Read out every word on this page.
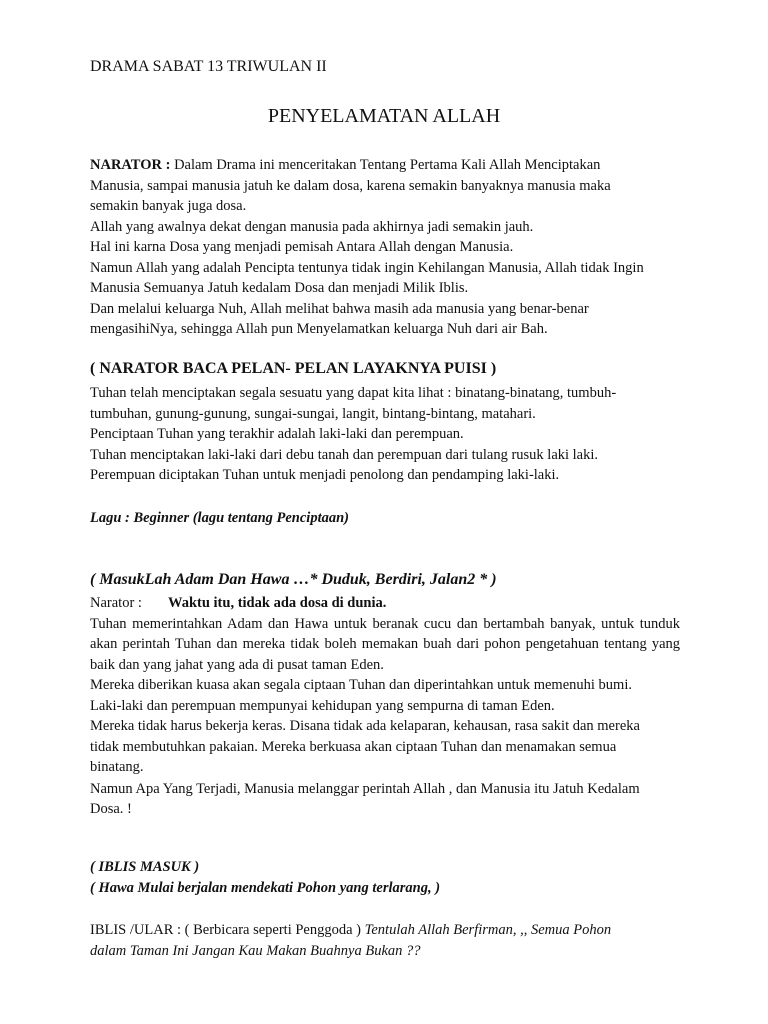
DRAMA SABAT 13 TRIWULAN II
PENYELAMATAN ALLAH

NARATOR : Dalam Drama ini menceritakan Tentang Pertama Kali Allah Menciptakan

Manusia, sampai manusia jatuh ke dalam dosa, karena semakin banyaknya manusia maka

semakin banyak juga dosa.

Allah yang awalnya dekat dengan manusia pada akhirnya jadi semakin jauh.

Hal ini karna Dosa yang menjadi pemisah Antara Allah dengan Manusia.

Namun Allah yang adalah Pencipta tentunya tidak ingin Kehilangan Manusia, Allah tidak Ingin

Manusia Semuanya Jatuh kedalam Dosa dan menjadi Milik Iblis.

Dan melalui keluarga Nuh, Allah melihat bahwa masih ada manusia yang benar-benar

mengasihiNya, sehingga Allah pun Menyelamatkan keluarga Nuh dari air Bah.

( NARATOR BACA PELAN- PELAN LAYAKNYA PUISI )

Tuhan telah menciptakan segala sesuatu yang dapat kita lihat : binatang-binatang, tumbuh-

tumbuhan, gunung-gunung, sungai-sungai, langit, bintang-bintang, matahari.

Penciptaan Tuhan yang terakhir adalah laki-laki dan perempuan.

Tuhan menciptakan laki-laki dari debu tanah dan perempuan dari tulang rusuk laki laki.

Perempuan diciptakan Tuhan untuk menjadi penolong dan pendamping laki-laki.

Lagu : Beginner (lagu tentang Penciptaan)
( MasukLah Adam Dan Hawa …* Duduk, Berdiri, Jalan2 * )

Narator : Waktu itu, tidak ada dosa di dunia.

Tuhan memerintahkan Adam dan Hawa untuk beranak cucu dan bertambah banyak, untuk tunduk akan perintah Tuhan dan mereka tidak boleh memakan buah dari pohon pengetahuan tentang yang baik dan yang jahat yang ada di pusat taman Eden.

Mereka diberikan kuasa akan segala ciptaan Tuhan dan diperintahkan untuk memenuhi bumi.

Laki-laki dan perempuan mempunyai kehidupan yang sempurna di taman Eden.

Mereka tidak harus bekerja keras. Disana tidak ada kelaparan, kehausan, rasa sakit dan mereka

tidak membutuhkan pakaian. Mereka berkuasa akan ciptaan Tuhan dan menamakan semua

binatang.

Namun Apa Yang Terjadi, Manusia melanggar perintah Allah , dan Manusia itu Jatuh Kedalam

Dosa. !

( IBLIS MASUK )
( Hawa Mulai berjalan mendekati Pohon yang terlarang, )

IBLIS /ULAR : ( Berbicara seperti Penggoda ) Tentulah Allah Berfirman, ,, Semua Pohon

dalam Taman Ini Jangan Kau Makan Buahnya Bukan ??
